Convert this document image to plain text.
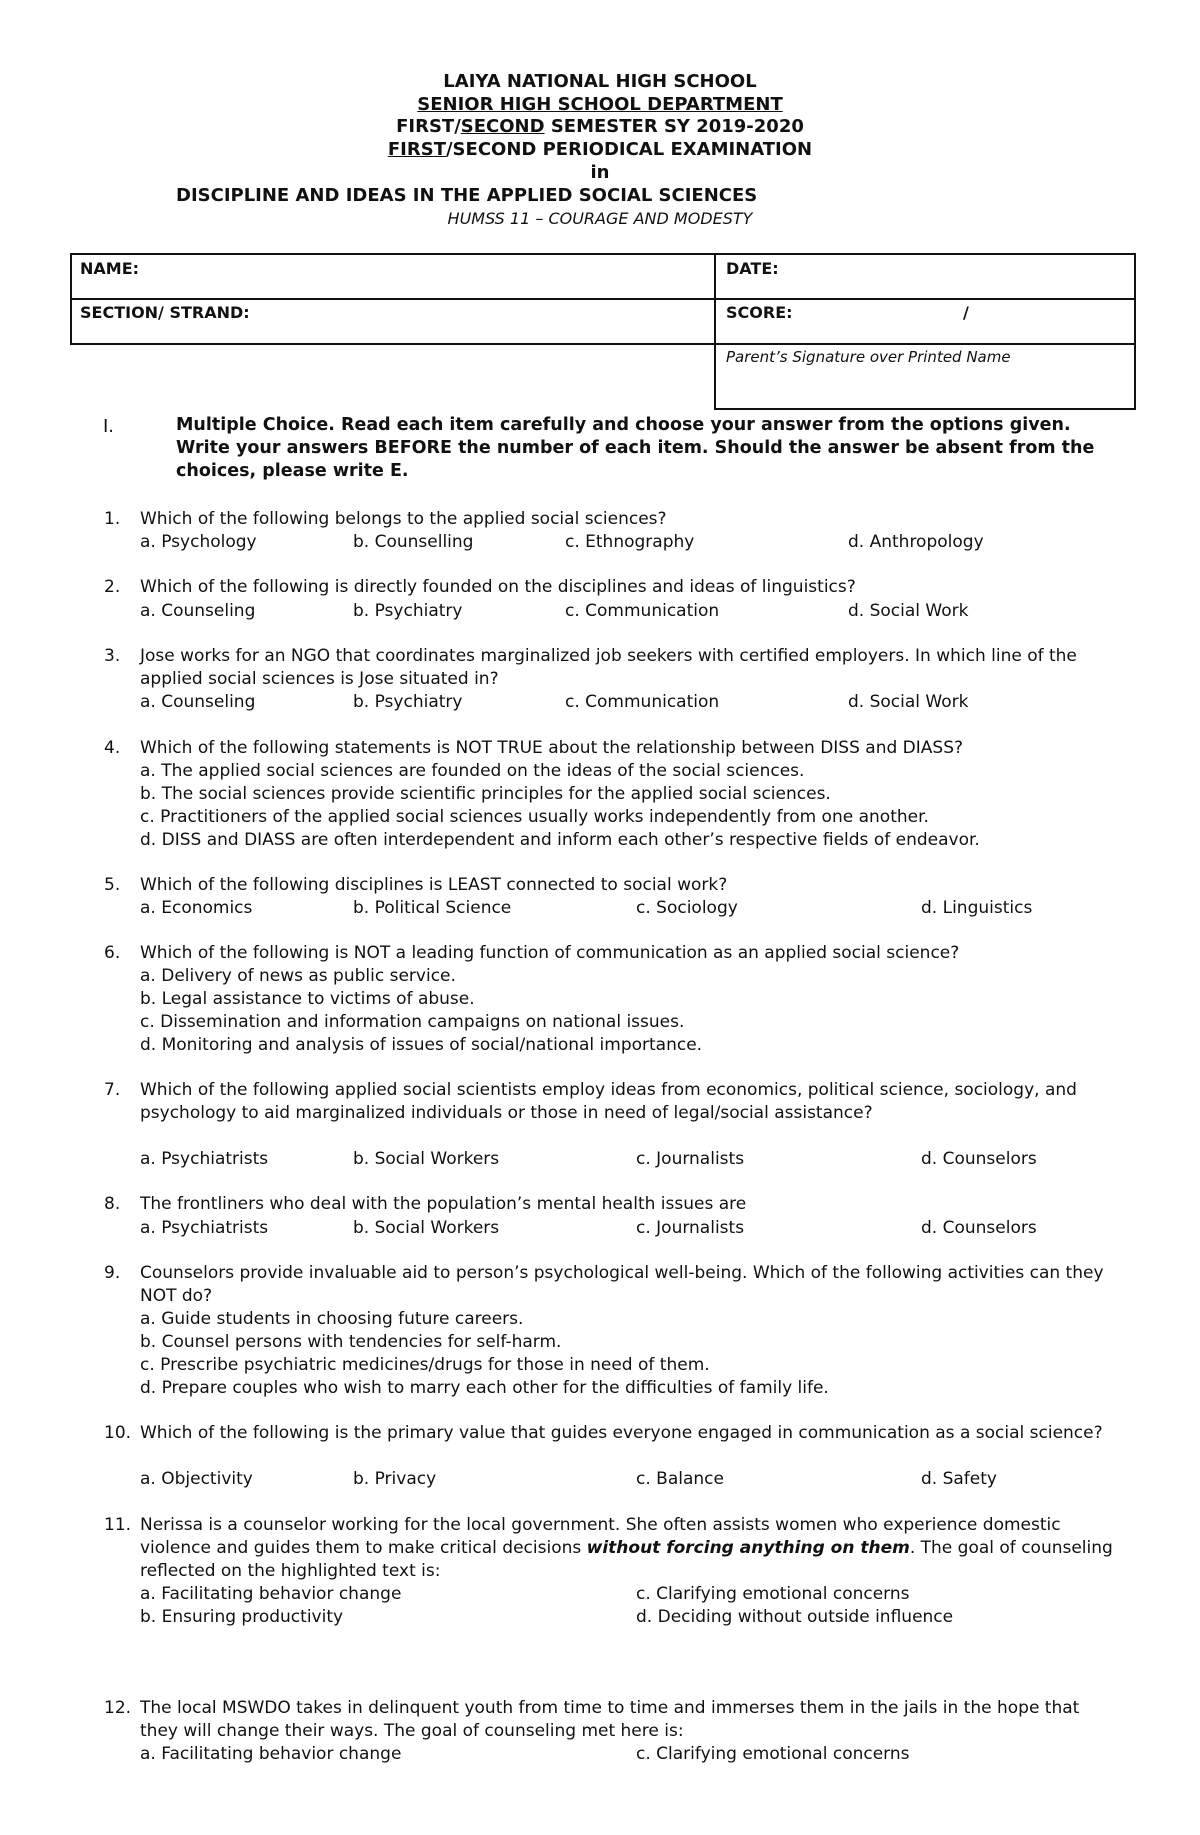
LAIYA NATIONAL HIGH SCHOOL
SENIOR HIGH SCHOOL DEPARTMENT
FIRST/SECOND SEMESTER SY 2019-2020
FIRST/SECOND PERIODICAL EXAMINATION
in
DISCIPLINE AND IDEAS IN THE APPLIED SOCIAL SCIENCES
HUMSS 11 – COURAGE AND MODESTY
NAME:	DATE:
SECTION/ STRAND:	SCORE:	/
Parent’s Signature over Printed Name
I.	Multiple Choice. Read each item carefully and choose your answer from the options given. Write your answers BEFORE the number of each item. Should the answer be absent from the choices, please write E.
1. Which of the following belongs to the applied social sciences?
a. Psychology	b. Counselling	c. Ethnography	d. Anthropology
2. Which of the following is directly founded on the disciplines and ideas of linguistics?
a. Counseling	b. Psychiatry	c. Communication	d. Social Work
3. Jose works for an NGO that coordinates marginalized job seekers with certified employers. In which line of the applied social sciences is Jose situated in?
a. Counseling	b. Psychiatry	c. Communication	d. Social Work
4. Which of the following statements is NOT TRUE about the relationship between DISS and DIASS?
a. The applied social sciences are founded on the ideas of the social sciences.
b. The social sciences provide scientific principles for the applied social sciences.
c. Practitioners of the applied social sciences usually works independently from one another.
d. DISS and DIASS are often interdependent and inform each other’s respective fields of endeavor.
5. Which of the following disciplines is LEAST connected to social work?
a. Economics	b. Political Science	c. Sociology	d. Linguistics
6. Which of the following is NOT a leading function of communication as an applied social science?
a. Delivery of news as public service.
b. Legal assistance to victims of abuse.
c. Dissemination and information campaigns on national issues.
d. Monitoring and analysis of issues of social/national importance.
7. Which of the following applied social scientists employ ideas from economics, political science, sociology, and psychology to aid marginalized individuals or those in need of legal/social assistance?
a. Psychiatrists	b. Social Workers	c. Journalists	d. Counselors
8. The frontliners who deal with the population’s mental health issues are
a. Psychiatrists	b. Social Workers	c. Journalists	d. Counselors
9. Counselors provide invaluable aid to person’s psychological well-being. Which of the following activities can they NOT do?
a. Guide students in choosing future careers.
b. Counsel persons with tendencies for self-harm.
c. Prescribe psychiatric medicines/drugs for those in need of them.
d. Prepare couples who wish to marry each other for the difficulties of family life.
10. Which of the following is the primary value that guides everyone engaged in communication as a social science?
a. Objectivity	b. Privacy	c. Balance	d. Safety
11. Nerissa is a counselor working for the local government. She often assists women who experience domestic violence and guides them to make critical decisions without forcing anything on them. The goal of counseling reflected on the highlighted text is:
a. Facilitating behavior change	c. Clarifying emotional concerns
b. Ensuring productivity	d. Deciding without outside influence
12. The local MSWDO takes in delinquent youth from time to time and immerses them in the jails in the hope that they will change their ways. The goal of counseling met here is:
a. Facilitating behavior change	c. Clarifying emotional concerns
